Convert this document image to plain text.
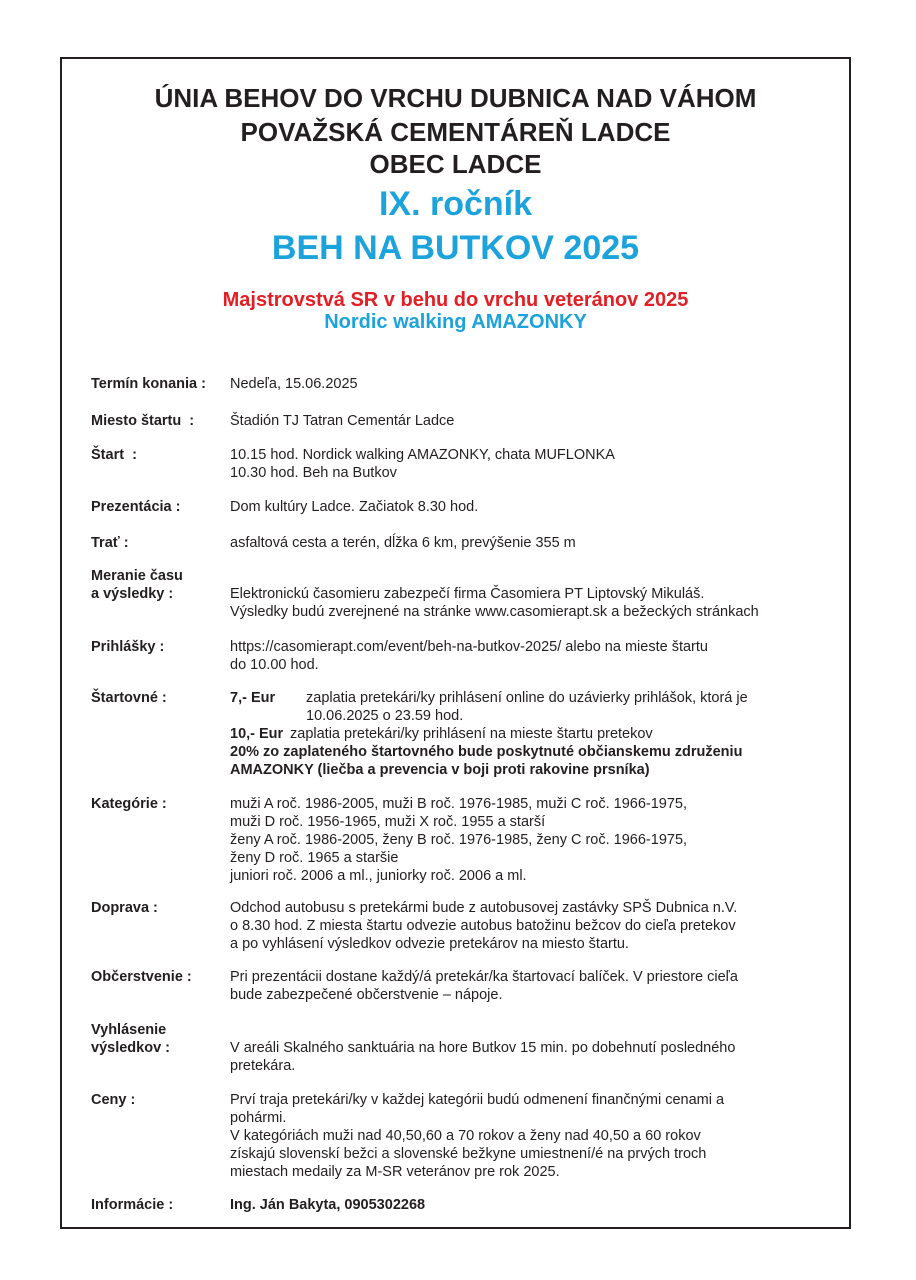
ÚNIA BEHOV DO VRCHU DUBNICA NAD VÁHOM
POVAŽSKÁ CEMENTÁREŇ LADCE
OBEC LADCE
IX. ročník
BEH NA BUTKOV 2025
Majstrovstvá SR v behu do vrchu veteránov 2025
Nordic walking AMAZONKY
Termín konania :	Nedeľa, 15.06.2025
Miesto štartu  :	Štadión TJ Tatran Cementár Ladce
Štart  :	10.15 hod. Nordick walking AMAZONKY, chata MUFLONKA
10.30 hod. Beh na Butkov
Prezentácia :	Dom kultúry Ladce. Začiatok 8.30 hod.
Trať :	asfaltová cesta a terén, dĺžka 6 km, prevýšenie 355 m
Meranie času
a výsledky :	Elektronickú časomieru zabezpečí firma Časomiera PT Liptovský Mikuláš.
Výsledky budú zverejnené na stránke www.casomierapt.sk a bežeckých stránkach
Prihlášky :	https://casomierapt.com/event/beh-na-butkov-2025/ alebo na mieste štartu
do 10.00 hod.
Štartovné :	7,- Eur zaplatia pretekári/ky prihlásení online do uzávierky prihlášok, ktorá je
10.06.2025 o 23.59 hod.
10,- Eur zaplatia pretekári/ky prihlásení na mieste štartu pretekov
20% zo zaplateného štartovného bude poskytnuté občianskemu združeniu
AMAZONKY (liečba a prevencia v boji proti rakovine prsníka)
Kategórie :	muži A roč. 1986-2005, muži B roč. 1976-1985, muži C roč. 1966-1975,
muži D roč. 1956-1965, muži X roč. 1955 a starší
ženy A roč. 1986-2005, ženy B roč. 1976-1985, ženy C roč. 1966-1975,
ženy D roč. 1965 a staršie
juniori roč. 2006 a ml., juniorky roč. 2006 a ml.
Doprava :	Odchod autobusu s pretekármi bude z autobusovej zastávky SPŠ Dubnica n.V.
o 8.30 hod. Z miesta štartu odvezie autobus batožinu bežcov do cieľa pretekov
a po vyhlásení výsledkov odvezie pretekárov na miesto štartu.
Občerstvenie :	Pri prezentácii dostane každý/á pretekár/ka štartovací balíček. V priestore cieľa
bude zabezpečené občerstvenie – nápoje.
Vyhlásenie
výsledkov :	V areáli Skalného sanktuária na hore Butkov 15 min. po dobehnutí posledného
pretekára.
Ceny :	Prví traja pretekári/ky v každej kategórii budú odmenení finančnými cenami a
pohármi.
V kategóriách muži nad 40,50,60 a 70 rokov a ženy nad 40,50 a 60 rokov
získajú slovenskí bežci a slovenské bežkyne umiestnení/é na prvých troch
miestach medaily za M-SR veteránov pre rok 2025.
Informácie :	Ing. Ján Bakyta, 0905302268
